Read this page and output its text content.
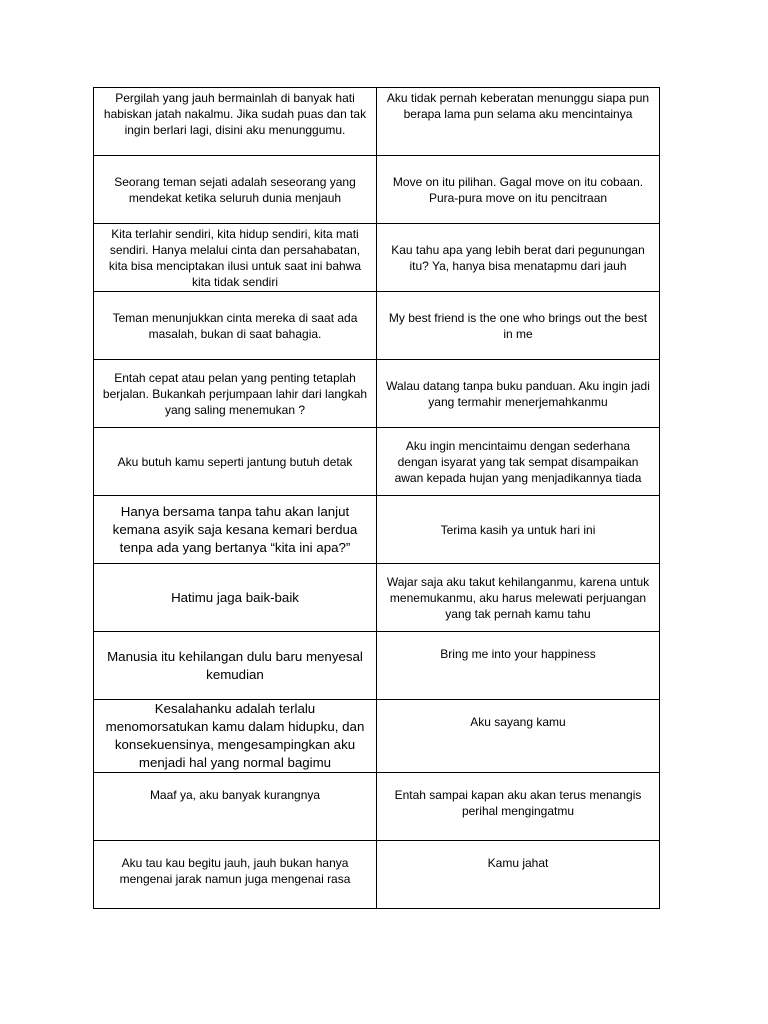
Pergilah yang jauh bermainlah di banyak hati habiskan jatah nakalmu. Jika sudah puas dan tak ingin berlari lagi, disini aku menunggumu.	Aku tidak pernah keberatan menunggu siapa pun berapa lama pun selama aku mencintainya
Seorang teman sejati adalah seseorang yang mendekat ketika seluruh dunia menjauh	Move on itu pilihan. Gagal move on itu cobaan. Pura-pura move on itu pencitraan
Kita terlahir sendiri, kita hidup sendiri, kita mati sendiri. Hanya melalui cinta dan persahabatan, kita bisa menciptakan ilusi untuk saat ini bahwa kita tidak sendiri	Kau tahu apa yang lebih berat dari pegunungan itu? Ya, hanya bisa menatapmu dari jauh
Teman menunjukkan cinta mereka di saat ada masalah, bukan di saat bahagia.	My best friend is the one who brings out the best in me
Entah cepat atau pelan yang penting tetaplah berjalan. Bukankah perjumpaan lahir dari langkah yang saling menemukan ?	Walau datang tanpa buku panduan. Aku ingin jadi yang termahir menerjemahkanmu
Aku butuh kamu seperti jantung butuh detak	Aku ingin mencintaimu dengan sederhana dengan isyarat yang tak sempat disampaikan awan kepada hujan yang menjadikannya tiada
Hanya bersama tanpa tahu akan lanjut kemana asyik saja kesana kemari berdua tenpa ada yang bertanya “kita ini apa?”	Terima kasih ya untuk hari ini
Hatimu jaga baik-baik	Wajar saja aku takut kehilanganmu, karena untuk menemukanmu, aku harus melewati perjuangan yang tak pernah kamu tahu
Manusia itu kehilangan dulu baru menyesal kemudian	Bring me into your happiness
Kesalahanku adalah terlalu menomorsatukan kamu dalam hidupku, dan konsekuensinya, mengesampingkan aku menjadi hal yang normal bagimu	Aku sayang kamu
Maaf ya, aku banyak kurangnya	Entah sampai kapan aku akan terus menangis perihal mengingatmu
Aku tau kau begitu jauh, jauh bukan hanya mengenai jarak namun juga mengenai rasa	Kamu jahat
